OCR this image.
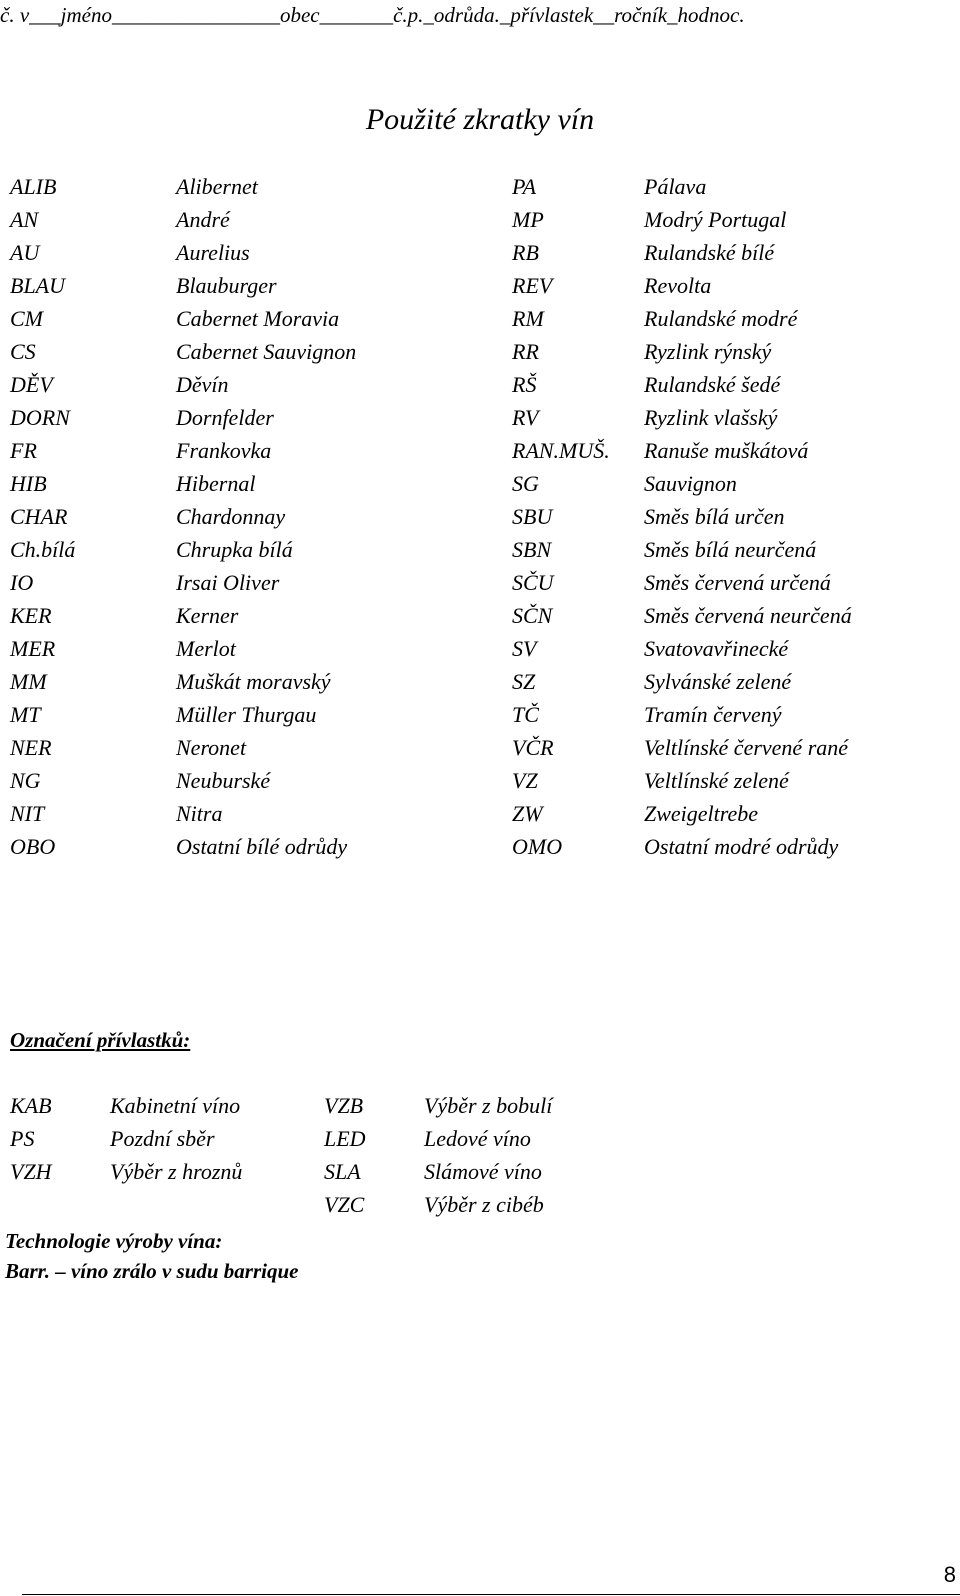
č. v___jméno________________obec_______č.p._odrůda._přívlastek__ročník_hodnoc.
Použité zkratky vín
ALIB	Alibernet	PA	Pálava
AN	André	MP	Modrý Portugal
AU	Aurelius	RB	Rulandské bílé
BLAU	Blauburger	REV	Revolta
CM	Cabernet Moravia	RM	Rulandské modré
CS	Cabernet Sauvignon	RR	Ryzlink rýnský
DĚV	Děvín	RŠ	Rulandské šedé
DORN	Dornfelder	RV	Ryzlink vlašský
FR	Frankovka	RAN.MUŠ.	Ranuše muškátová
HIB	Hibernal	SG	Sauvignon
CHAR	Chardonnay	SBU	Směs bílá určen
Ch.bílá	Chrupka bílá	SBN	Směs bílá neurčená
IO	Irsai Oliver	SČU	Směs červená určená
KER	Kerner	SČN	Směs červená neurčená
MER	Merlot	SV	Svatovavřinecké
MM	Muškát moravský	SZ	Sylvánské zelené
MT	Müller Thurgau	TČ	Tramín červený
NER	Neronet	VČR	Veltlínské červené rané
NG	Neuburské	VZ	Veltlínské zelené
NIT	Nitra	ZW	Zweigeltrebe
OBO	Ostatní bílé odrůdy	OMO	Ostatní modré odrůdy
Označení přívlastků:
KAB	Kabinetní víno	VZB	Výběr z bobulí
PS	Pozdní sběr	LED	Ledové víno
VZH	Výběr z hroznů	SLA	Slámové víno
		VZC	Výběr z cibéb
Technologie výroby vína:
Barr. – víno zrálo v sudu barrique
8
